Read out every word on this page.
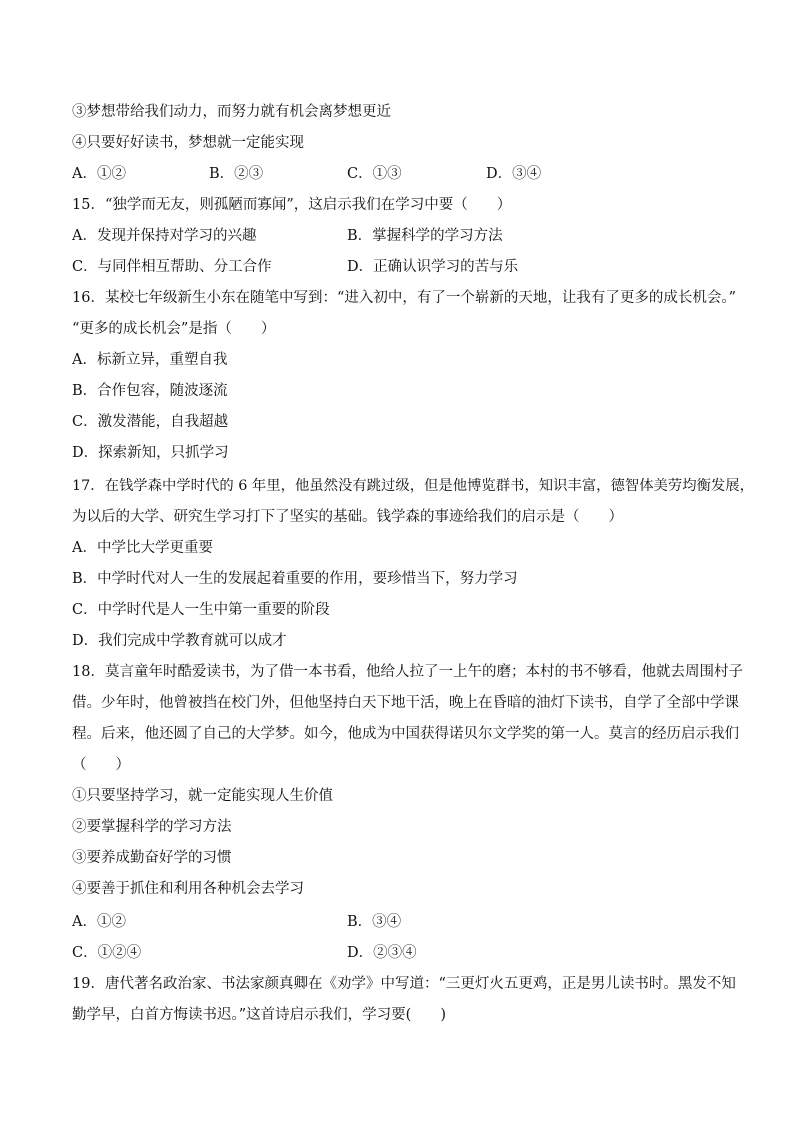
③梦想带给我们动力，而努力就有机会离梦想更近
④只要好好读书，梦想就一定能实现
A．①②	B．②③	C．①③	D．③④
15．“独学而无友，则孤陋而寡闻”，这启示我们在学习中要（　　）
A．发现并保持对学习的兴趣	B．掌握科学的学习方法
C．与同伴相互帮助、分工合作	D．正确认识学习的苦与乐
16．某校七年级新生小东在随笔中写到：“进入初中，有了一个崭新的天地，让我有了更多的成长机会。”
“更多的成长机会”是指（　　）
A．标新立异，重塑自我
B．合作包容，随波逐流
C．激发潜能，自我超越
D．探索新知，只抓学习
17．在钱学森中学时代的 6 年里，他虽然没有跳过级，但是他博览群书，知识丰富，德智体美劳均衡发展，
为以后的大学、研究生学习打下了坚实的基础。钱学森的事迹给我们的启示是（　　）
A．中学比大学更重要
B．中学时代对人一生的发展起着重要的作用，要珍惜当下，努力学习
C．中学时代是人一生中第一重要的阶段
D．我们完成中学教育就可以成才
18．莫言童年时酷爱读书，为了借一本书看，他给人拉了一上午的磨；本村的书不够看，他就去周围村子
借。少年时，他曾被挡在校门外，但他坚持白天下地干活，晚上在昏暗的油灯下读书，自学了全部中学课
程。后来，他还圆了自己的大学梦。如今，他成为中国获得诺贝尔文学奖的第一人。莫言的经历启示我们
（　　）
①只要坚持学习，就一定能实现人生价值
②要掌握科学的学习方法
③要养成勤奋好学的习惯
④要善于抓住和利用各种机会去学习
A．①②	B．③④
C．①②④	D．②③④
19．唐代著名政治家、书法家颜真卿在《劝学》中写道：“三更灯火五更鸡，正是男儿读书时。黑发不知
勤学早，白首方悔读书迟。”这首诗启示我们，学习要(　　)
